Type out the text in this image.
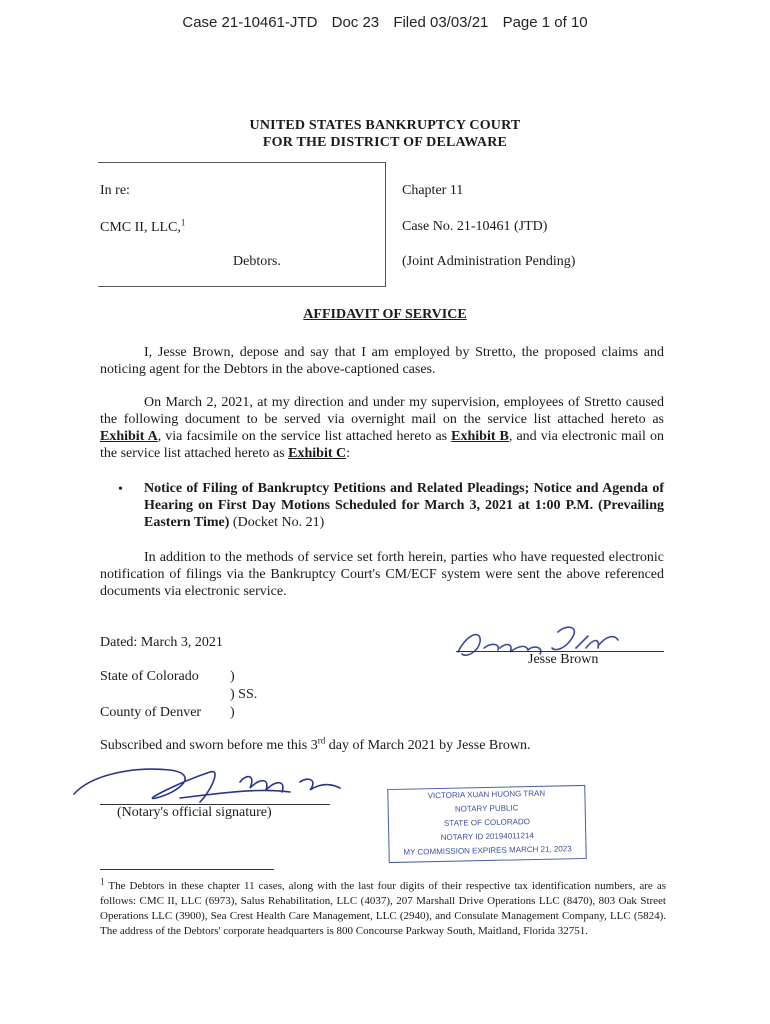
Case 21-10461-JTD Doc 23 Filed 03/03/21 Page 1 of 10
UNITED STATES BANKRUPTCY COURT
FOR THE DISTRICT OF DELAWARE
In re:
CMC II, LLC,$^1$
Debtors.
Chapter 11
Case No. 21-10461 (JTD)
(Joint Administration Pending)
AFFIDAVIT OF SERVICE
I, Jesse Brown, depose and say that I am employed by Stretto, the proposed claims and noticing agent for the Debtors in the above-captioned cases.
On March 2, 2021, at my direction and under my supervision, employees of Stretto caused the following document to be served via overnight mail on the service list attached hereto as Exhibit A, via facsimile on the service list attached hereto as Exhibit B, and via electronic mail on the service list attached hereto as Exhibit C:
• Notice of Filing of Bankruptcy Petitions and Related Pleadings; Notice and Agenda of Hearing on First Day Motions Scheduled for March 3, 2021 at 1:00 P.M. (Prevailing Eastern Time) (Docket No. 21)
In addition to the methods of service set forth herein, parties who have requested electronic notification of filings via the Bankruptcy Court's CM/ECF system were sent the above referenced documents via electronic service.
Dated: March 3, 2021
Jesse Brown
State of Colorado )
) SS.
County of Denver )
Subscribed and sworn before me this 3rd day of March 2021 by Jesse Brown.
(Notary's official signature)
VICTORIA XUAN HUONG TRAN
NOTARY PUBLIC
STATE OF COLORADO
NOTARY ID 20194011214
MY COMMISSION EXPIRES MARCH 21, 2023
$^1$ The Debtors in these chapter 11 cases, along with the last four digits of their respective tax identification numbers, are as follows: CMC II, LLC (6973), Salus Rehabilitation, LLC (4037), 207 Marshall Drive Operations LLC (8470), 803 Oak Street Operations LLC (3900), Sea Crest Health Care Management, LLC (2940), and Consulate Management Company, LLC (5824). The address of the Debtors' corporate headquarters is 800 Concourse Parkway South, Maitland, Florida 32751.
